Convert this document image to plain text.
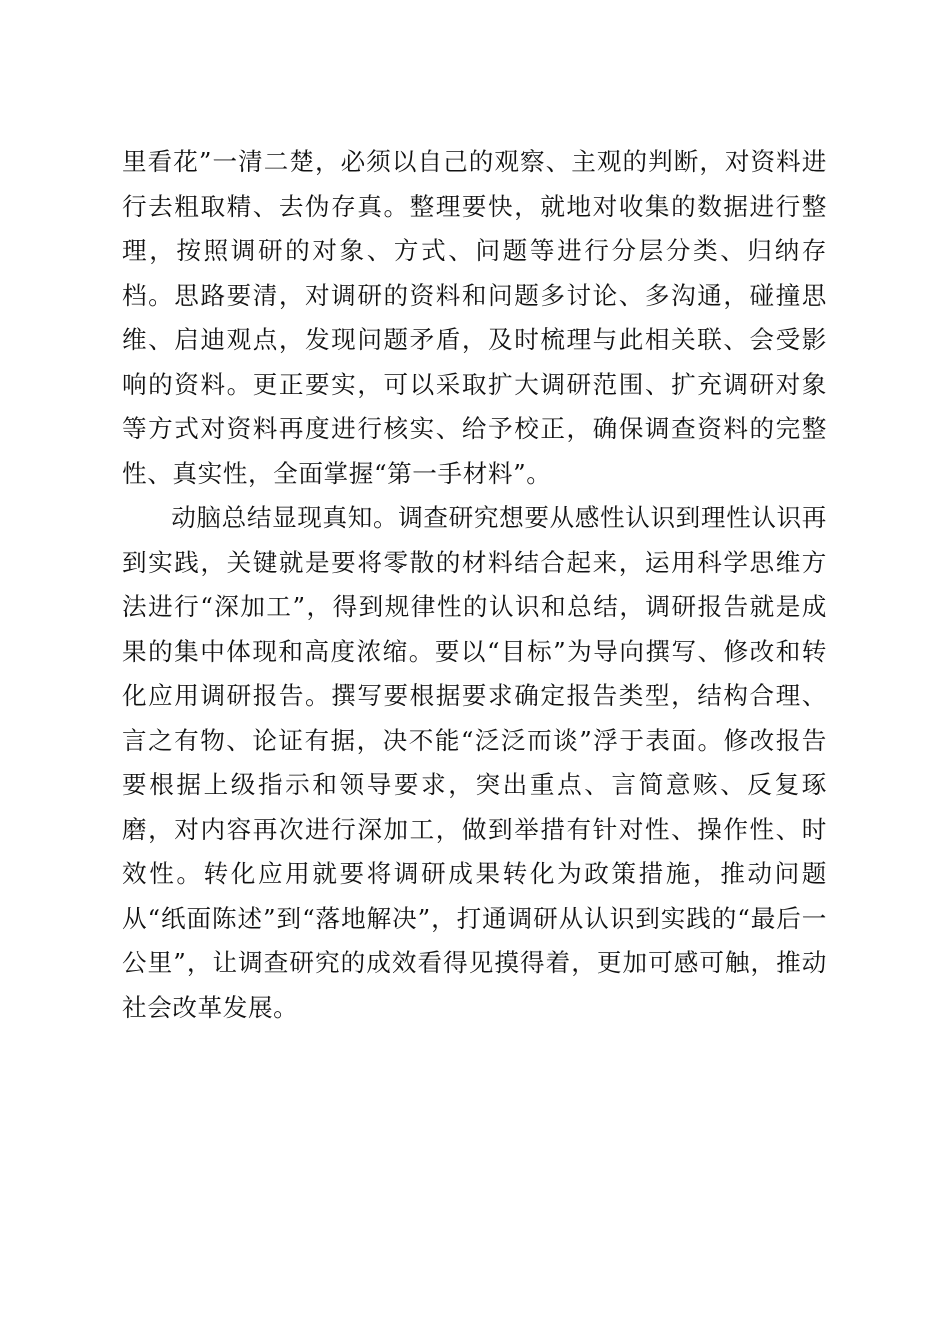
里看花”一清二楚，必须以自己的观察、主观的判断，对资料进行去粗取精、去伪存真。整理要快，就地对收集的数据进行整理，按照调研的对象、方式、问题等进行分层分类、归纳存档。思路要清，对调研的资料和问题多讨论、多沟通，碰撞思维、启迪观点，发现问题矛盾，及时梳理与此相关联、会受影响的资料。更正要实，可以采取扩大调研范围、扩充调研对象等方式对资料再度进行核实、给予校正，确保调查资料的完整性、真实性，全面掌握“第一手材料”。

动脑总结显现真知。调查研究想要从感性认识到理性认识再到实践，关键就是要将零散的材料结合起来，运用科学思维方法进行“深加工”，得到规律性的认识和总结，调研报告就是成果的集中体现和高度浓缩。要以“目标”为导向撰写、修改和转化应用调研报告。撰写要根据要求确定报告类型，结构合理、言之有物、论证有据，决不能“泛泛而谈”浮于表面。修改报告要根据上级指示和领导要求，突出重点、言简意赅、反复琢磨，对内容再次进行深加工，做到举措有针对性、操作性、时效性。转化应用就要将调研成果转化为政策措施，推动问题从“纸面陈述”到“落地解决”，打通调研从认识到实践的“最后一公里”，让调查研究的成效看得见摸得着，更加可感可触，推动社会改革发展。
